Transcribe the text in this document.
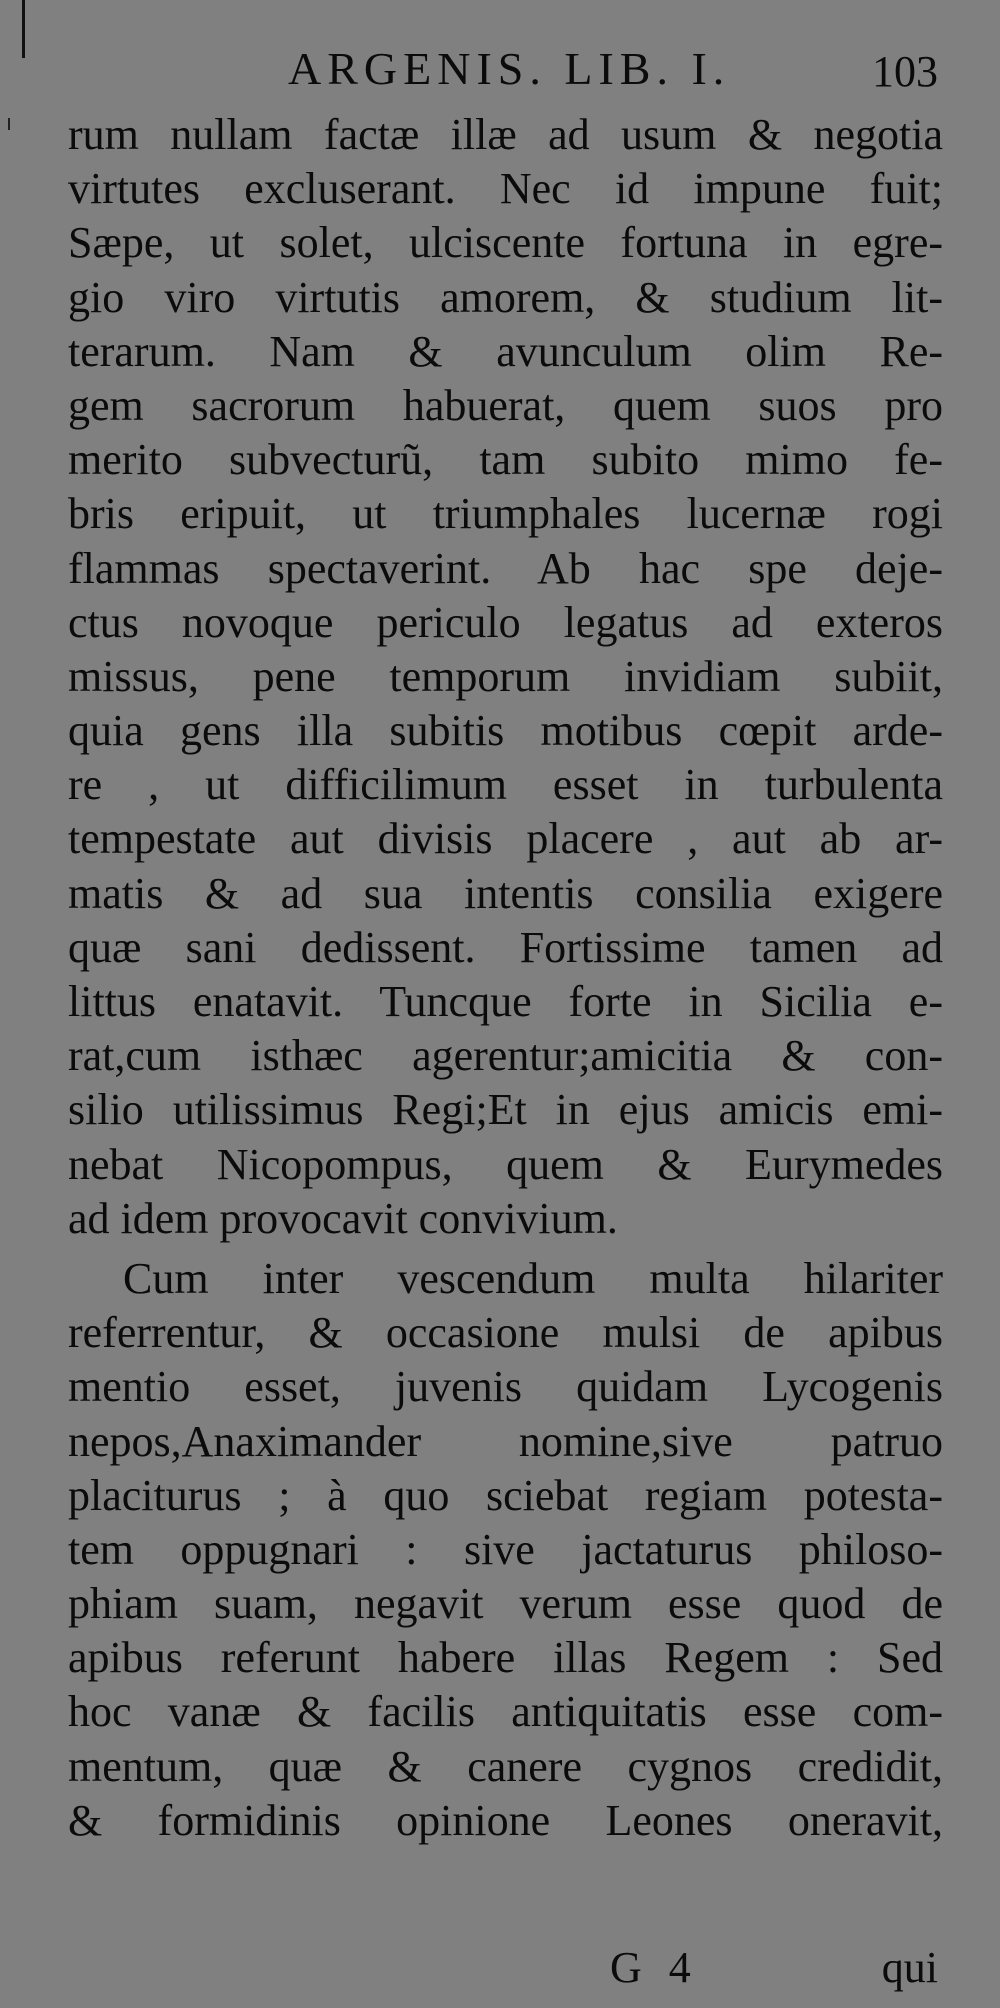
ARGENIS. LIB. I.	103
rum nullam factæ illæ ad usum & negotia
virtutes excluserant. Nec id impune fuit;
Sæpe, ut solet, ulciscente fortuna in egre-
gio viro virtutis amorem, & studium lit-
terarum. Nam & avunculum olim Re-
gem sacrorum habuerat, quem suos pro
merito subvecturũ, tam subito mimo fe-
bris eripuit, ut triumphales lucernæ rogi
flammas spectaverint. Ab hac spe deje-
ctus novoque periculo legatus ad exteros
missus, pene temporum invidiam subiit,
quia gens illa subitis motibus cœpit arde-
re , ut difficilimum esset in turbulenta
tempestate aut divisis placere , aut ab ar-
matis & ad sua intentis consilia exigere
quæ sani dedissent. Fortissime tamen ad
littus enatavit. Tuncque forte in Sicilia e-
rat,cum isthæc agerentur;amicitia & con-
silio utilissimus Regi;Et in ejus amicis emi-
nebat Nicopompus, quem & Eurymedes
ad idem provocavit convivium.
Cum inter vescendum multa hilariter
referrentur, & occasione mulsi de apibus
mentio esset, juvenis quidam Lycogenis
nepos,Anaximander nomine,sive patruo
placiturus ; à quo sciebat regiam potesta-
tem oppugnari : sive jactaturus philoso-
phiam suam, negavit verum esse quod de
apibus referunt habere illas Regem : Sed
hoc vanæ & facilis antiquitatis esse com-
mentum, quæ & canere cygnos credidit,
& formidinis opinione Leones oneravit,
G 4	qui
